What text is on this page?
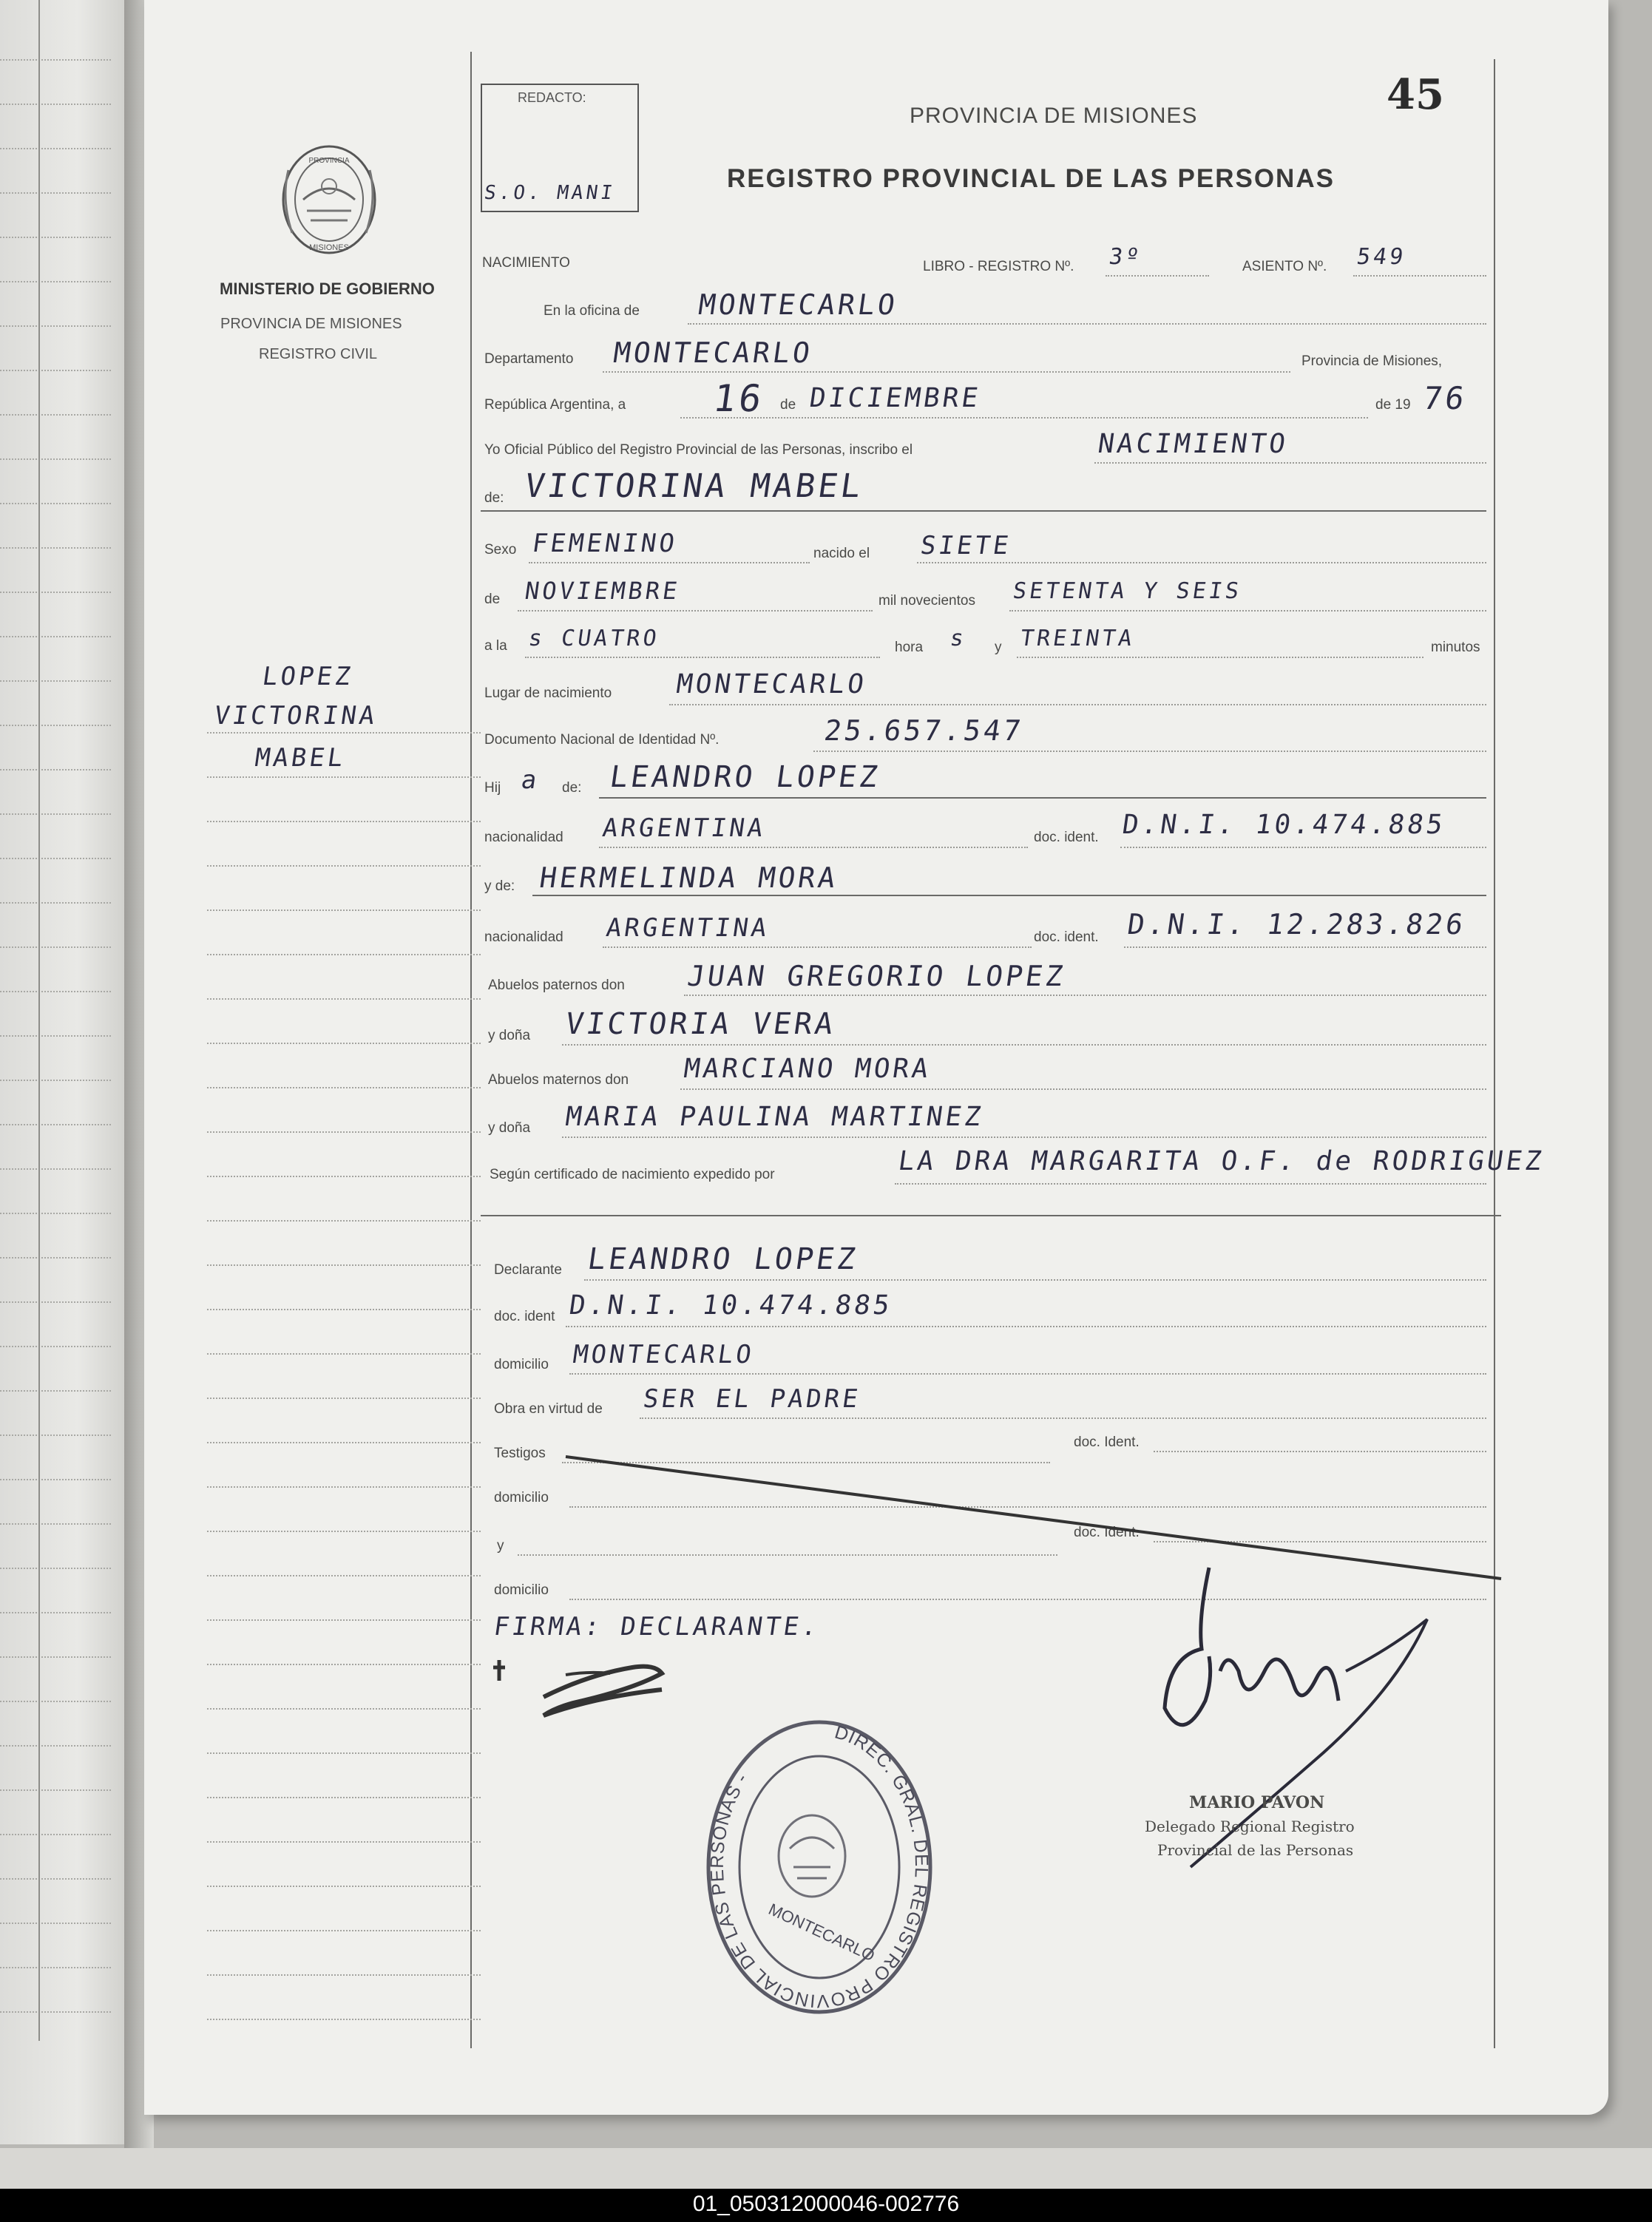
45
REDACTO:
S.O. MANI
PROVINCIA DE MISIONES
REGISTRO PROVINCIAL DE LAS PERSONAS
PROVINCIA
MISIONES
MINISTERIO DE GOBIERNO
PROVINCIA DE MISIONES
REGISTRO CIVIL
LOPEZ
VICTORINA
MABEL
NACIMIENTO	LIBRO - REGISTRO Nº. 3º	ASIENTO Nº. 549
En la oficina de MONTECARLO
Departamento MONTECARLO	Provincia de Misiones,
República Argentina, a 16 de DICIEMBRE	de 19 76
Yo Oficial Público del Registro Provincial de las Personas, inscribo el	NACIMIENTO
de: VICTORINA MABEL
Sexo FEMENINO	nacido el SIETE
de NOVIEMBRE	mil novecientos SETENTA Y SEIS
a la s CUATRO	hora s y TREINTA	minutos
Lugar de nacimiento MONTECARLO
Documento Nacional de Identidad Nº.	25.657.547
Hij a de: LEANDRO LOPEZ
nacionalidad ARGENTINA	doc. ident. D.N.I. 10.474.885
y de: HERMELINDA MORA
nacionalidad ARGENTINA	doc. ident. D.N.I. 12.283.826
Abuelos paternos don JUAN GREGORIO LOPEZ
y doña VICTORIA VERA
Abuelos maternos don MARCIANO MORA
y doña MARIA PAULINA MARTINEZ
Según certificado de nacimiento expedido por	LA DRA MARGARITA O.F. de RODRIGUEZ
Declarante LEANDRO LOPEZ
doc. ident D.N.I. 10.474.885
domicilio MONTECARLO
Obra en virtud de SER EL PADRE
Testigos
doc. Ident.
domicilio
y
doc. Ident.
domicilio
FIRMA: DECLARANTE.
MARIO PAVON
Delegado Regional Registro
Provincial de las Personas
DIREC. GRAL. DEL REGISTRO PROVINCIAL DE LAS PERSONAS -
MONTECARLO
01_050312000046-002776
